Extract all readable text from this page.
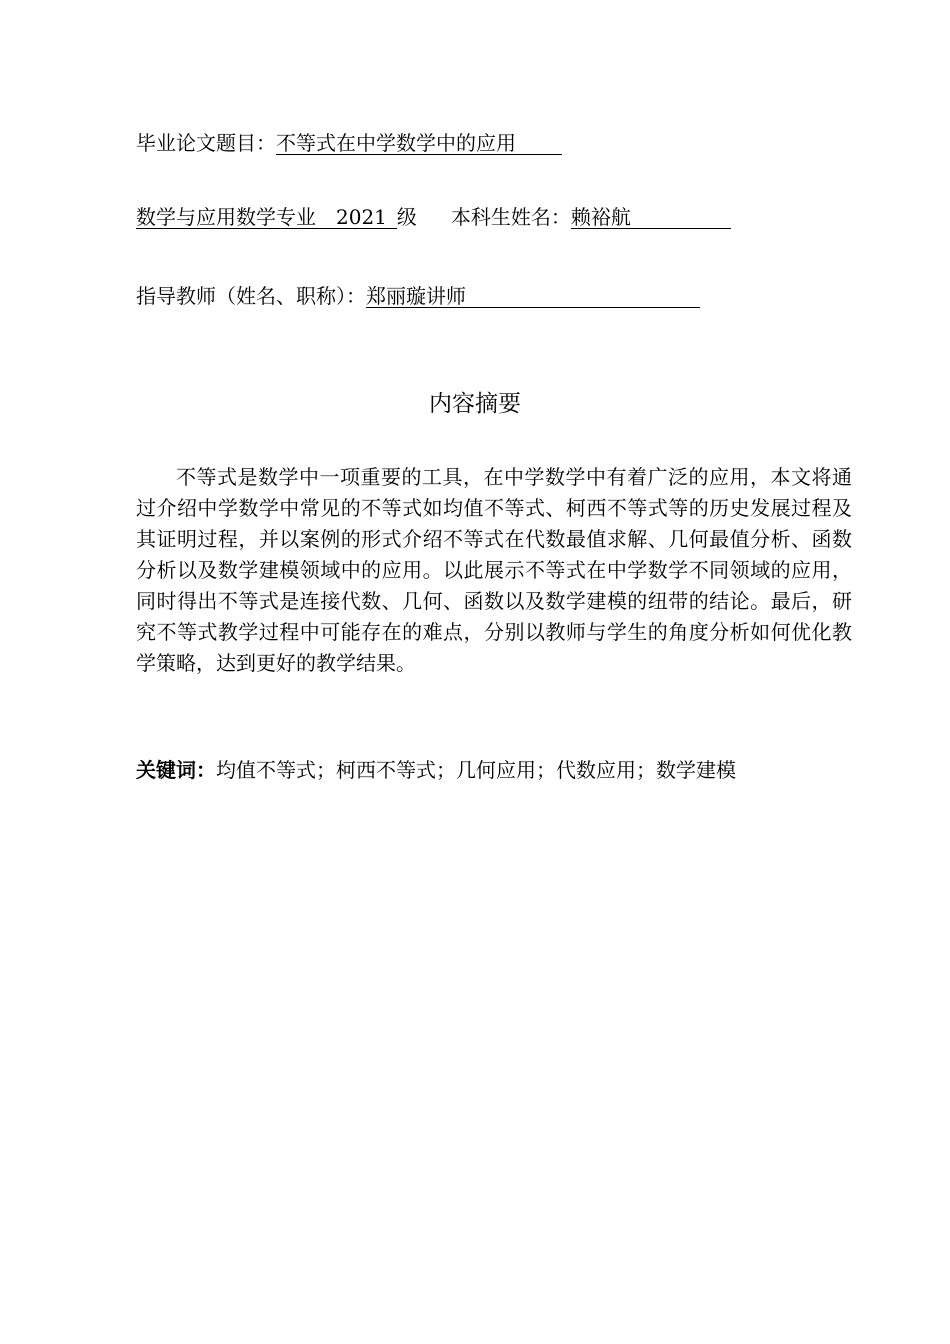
毕业论文题目：不等式在中学数学中的应用
数学与应用数学专业 2021 级 本科生姓名：赖裕航
指导教师（姓名、职称）：郑丽璇讲师
内容摘要

不等式是数学中一项重要的工具，在中学数学中有着广泛的应用，本文将通过介绍中学数学中常见的不等式如均值不等式、柯西不等式等的历史发展过程及其证明过程，并以案例的形式介绍不等式在代数最值求解、几何最值分析、函数分析以及数学建模领域中的应用。以此展示不等式在中学数学不同领域的应用，同时得出不等式是连接代数、几何、函数以及数学建模的纽带的结论。最后，研究不等式教学过程中可能存在的难点，分别以教师与学生的角度分析如何优化教学策略，达到更好的教学结果。

关键词：均值不等式；柯西不等式；几何应用；代数应用；数学建模
